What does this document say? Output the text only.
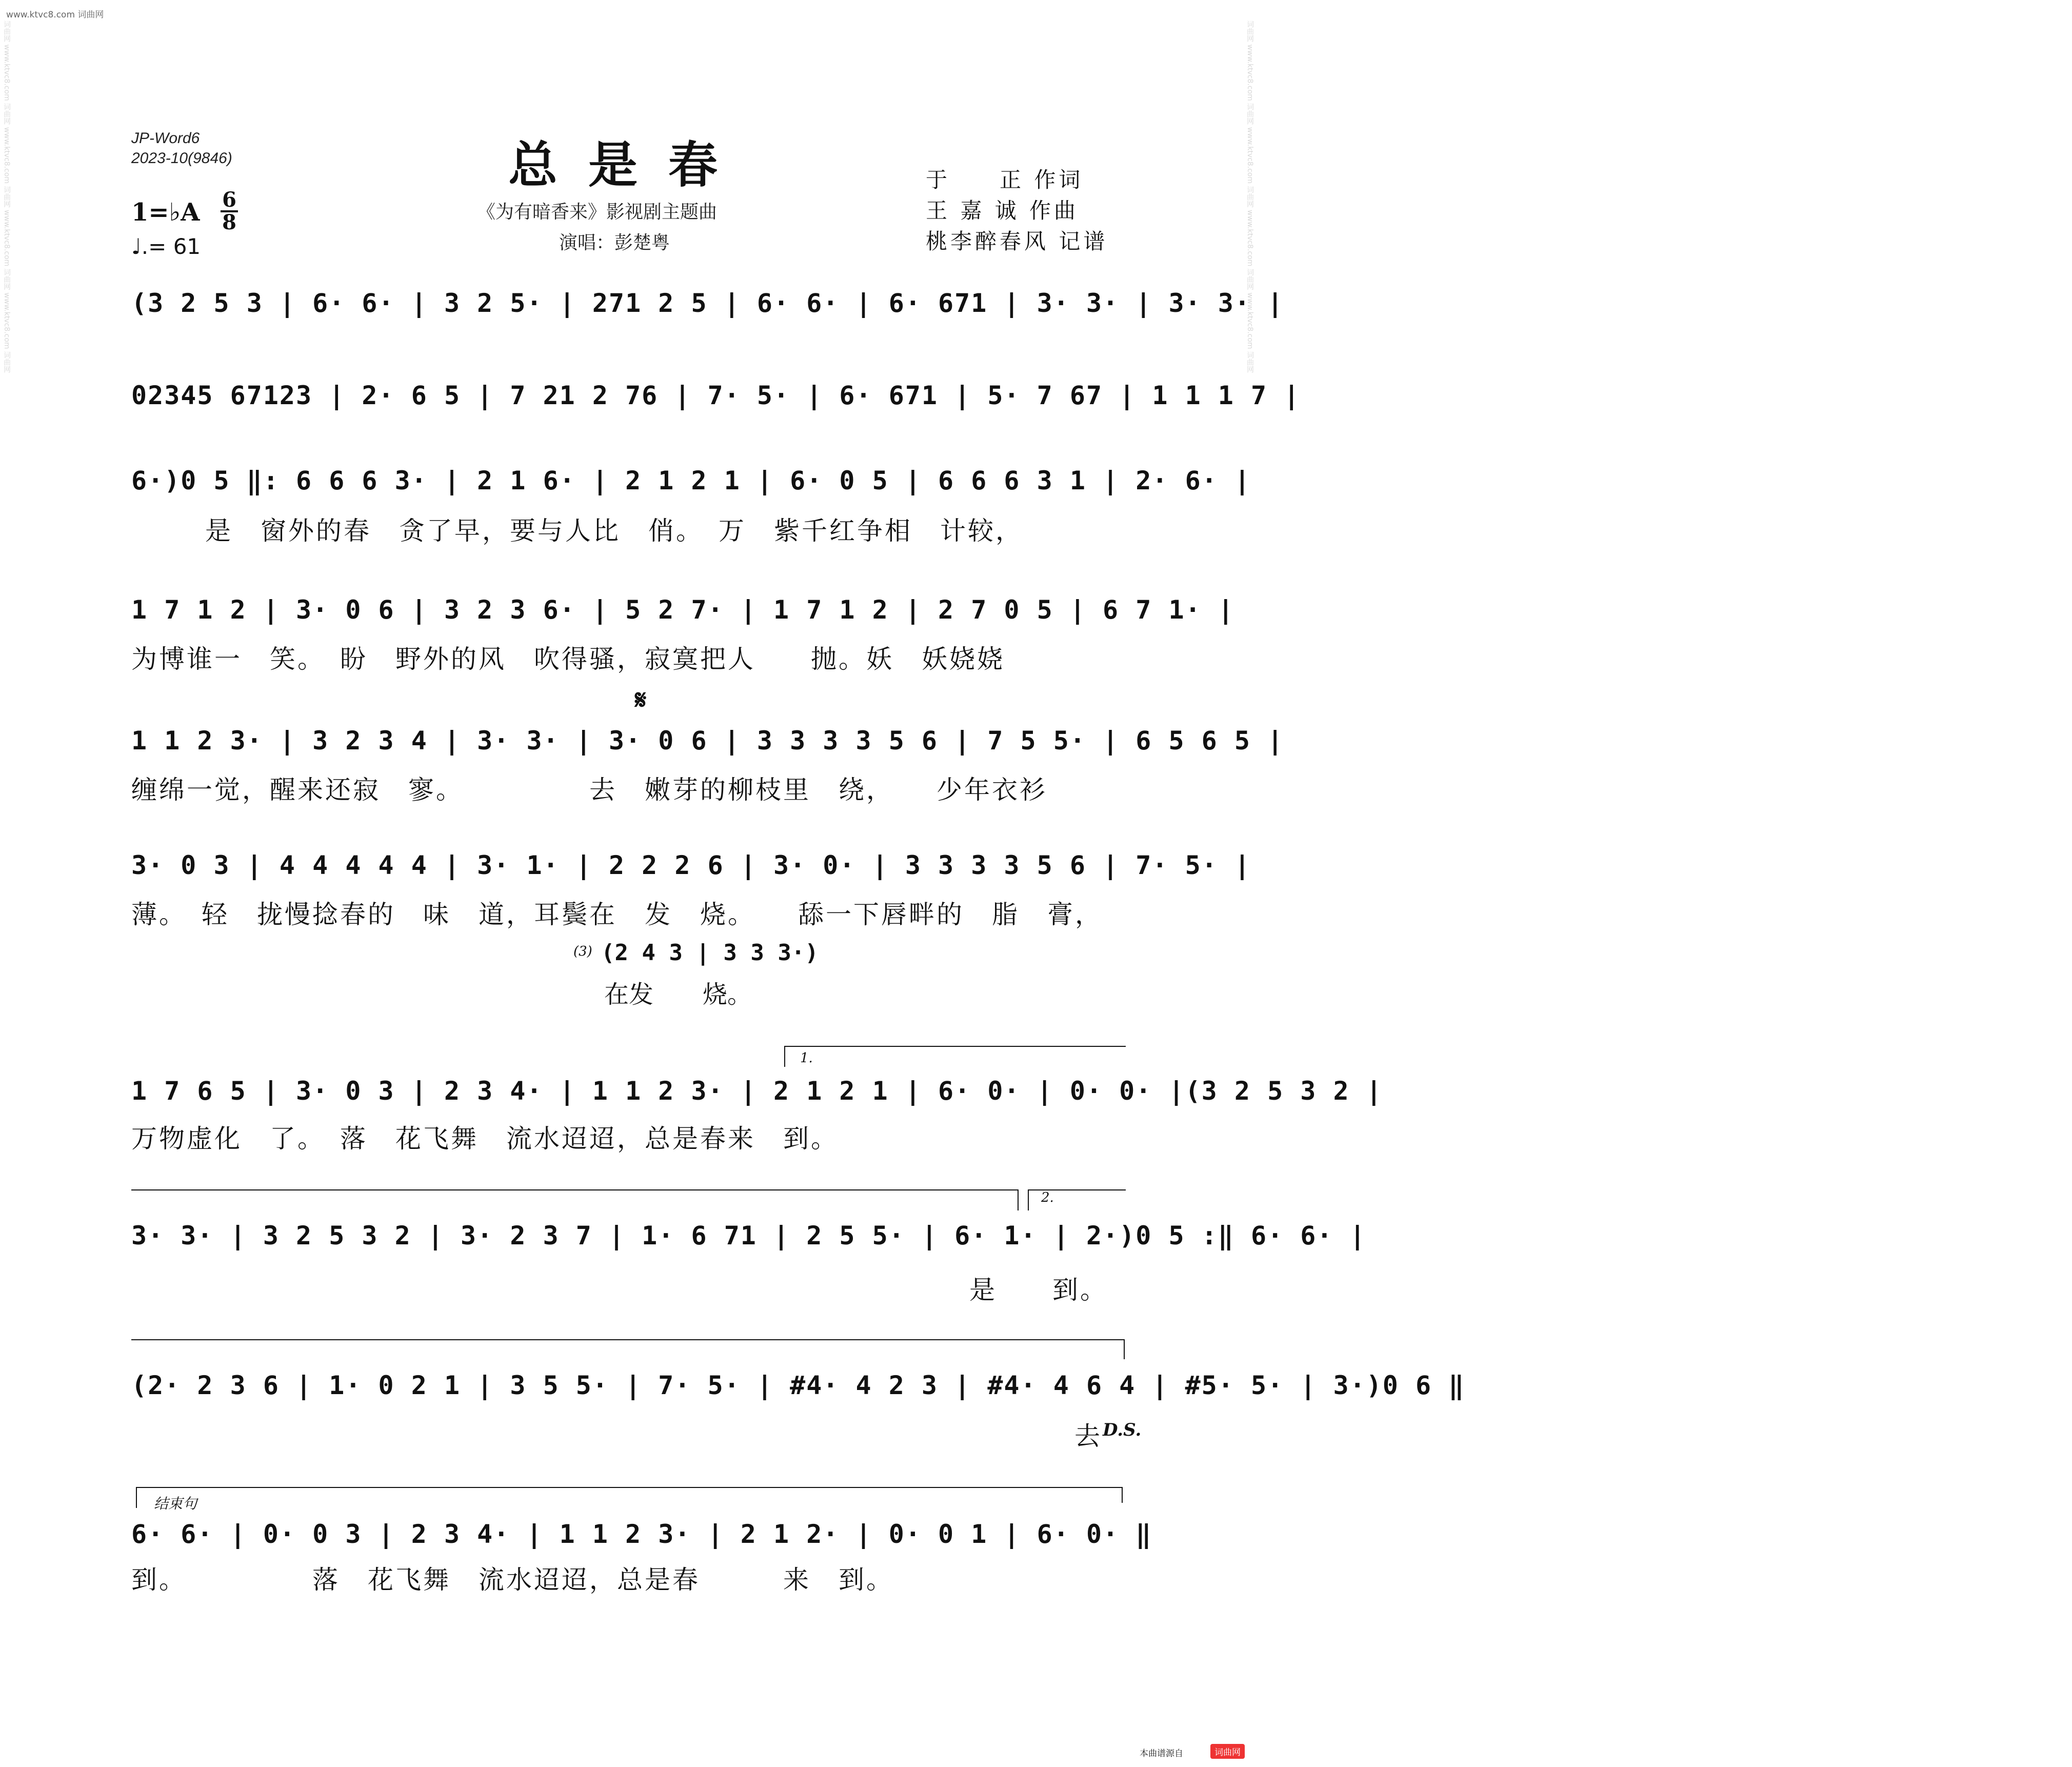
词曲网 www.ktvc8.com 词曲网 www.ktvc8.com 词曲网 www.ktvc8.com 词曲网 www.ktvc8.com 词曲网	词曲网 www.ktvc8.com 词曲网 www.ktvc8.com 词曲网 www.ktvc8.com 词曲网 www.ktvc8.com 词曲网
www.ktvc8.com 词曲网
JP-Word6
2023-10(9846)	总是春
《为有暗香来》影视剧主题曲
演唱：彭楚粤
于　　正 作词
王 嘉 诚 作曲
桃李醉春风 记谱
1=♭A 6
8
♩.= 61
(3 2 5 3 | 6· 6· | 3 2 5· | 271 2 5 | 6· 6· | 6· 671 | 3· 3· | 3· 3· |
02345 67123 | 2· 6 5 | 7 21 2 76 | 7· 5· | 6· 671 | 5· 7 67 | 1 1 1 7 |
6·)0 5 ‖: 6 6 6 3· | 2 1 6· | 2 1 2 1 | 6· 0 5 | 6 6 6 3 1 | 2· 6· |
是　窗外的春　贪了早，要与人比　俏。　万　紫千红争相　计较，
1 7 1 2 | 3· 0 6 | 3 2 3 6· | 5 2 7· | 1 7 1 2 | 2 7 0 5 | 6 7 1· |
为博谁一　笑。　盼　野外的风　吹得骚，寂寞把人　　抛。妖　妖娆娆
𝄋
1 1 2 3· | 3 2 3 4 | 3· 3· | 3· 0 6 | 3 3 3 3 5 6 | 7 5 5· | 6 5 6 5 |
缠绵一觉，醒来还寂　寥。　　　　　去　嫩芽的柳枝里　绕，　　少年衣衫
3· 0 3 | 4 4 4 4 4 | 3· 1· | 2 2 2 6 | 3· 0· | 3 3 3 3 5 6 | 7· 5· |
薄。　轻　拢慢捻春的　味　道，耳鬓在　发　烧。　　舔一下唇畔的　脂　膏，
(3) (2 4 3 | 3 3 3·)
在发　　烧。
1.
1 7 6 5 | 3· 0 3 | 2 3 4· | 1 1 2 3· | 2 1 2 1 | 6· 0· | 0· 0· |(3 2 5 3 2 |
万物虚化　了。　落　花飞舞　流水迢迢，总是春来　到。
2.
3· 3· | 3 2 5 3 2 | 3· 2 3 7 | 1· 6 71 | 2 5 5· | 6· 1· | 2·)0 5 :‖ 6· 6· |
是　　到。
(2· 2 3 6 | 1· 0 2 1 | 3 5 5· | 7· 5· | #4· 4 2 3 | #4· 4 6 4 | #5· 5· | 3·)0 6 ‖
去 D.S.
结束句
6· 6· | 0· 0 3 | 2 3 4· | 1 1 2 3· | 2 1 2· | 0· 0 1 | 6· 0· ‖
到。　　　　　落　花飞舞　流水迢迢，总是春　　　来　到。
本曲谱源自	词曲网
